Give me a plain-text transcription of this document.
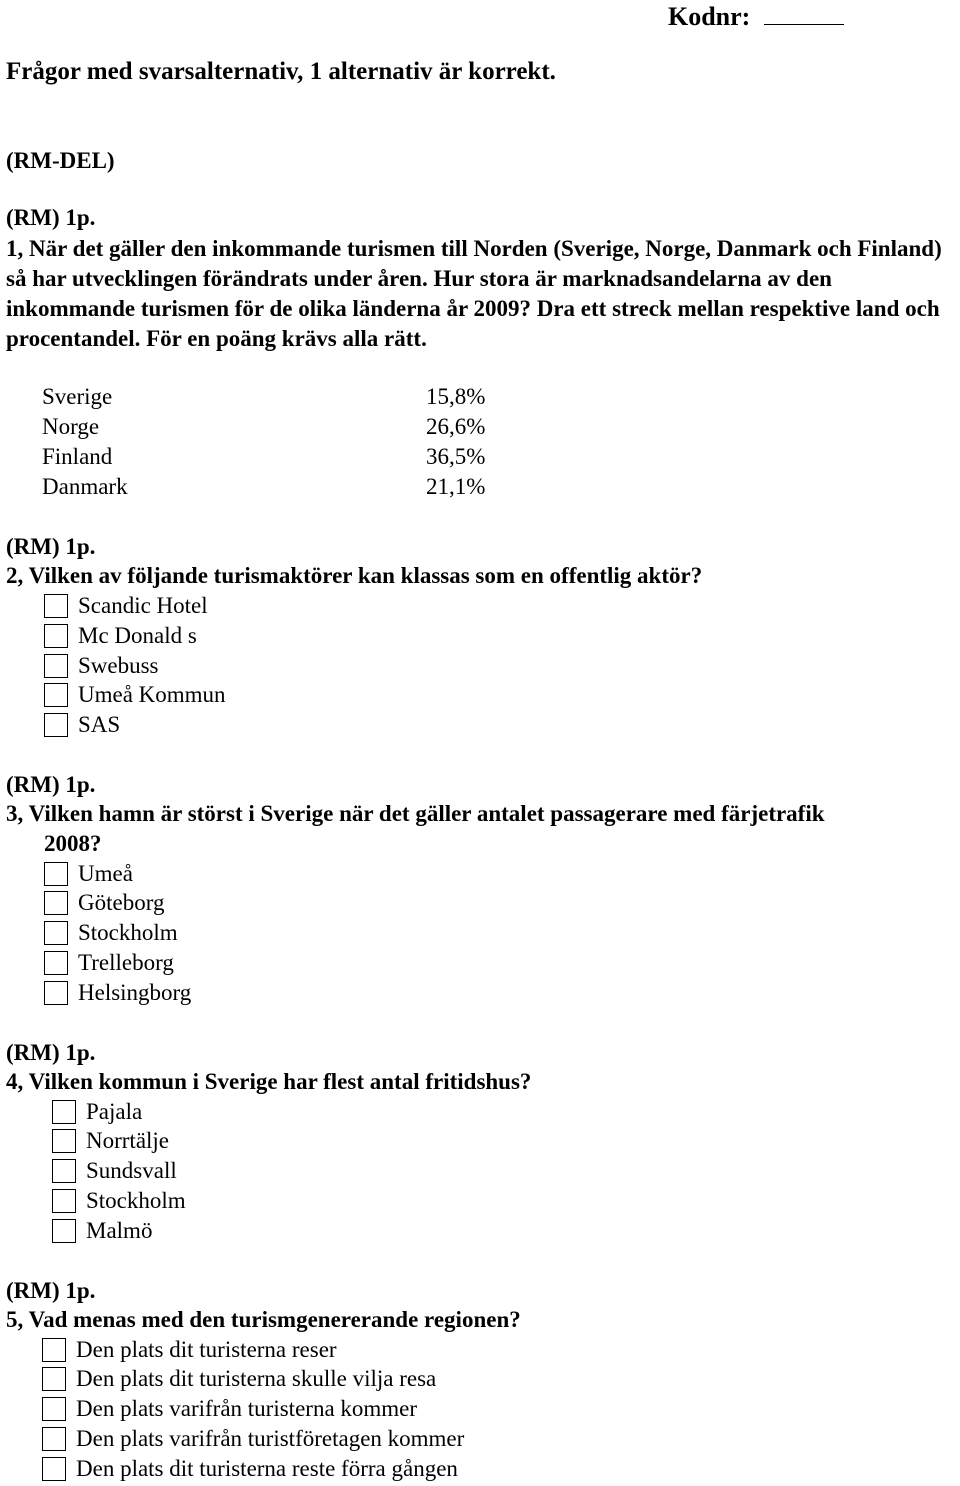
Kodnr:
Frågor med svarsalternativ, 1 alternativ är korrekt.
(RM-DEL)
(RM) 1p.
1, När det gäller den inkommande turismen till Norden (Sverige, Norge, Danmark och Finland) så har utvecklingen förändrats under åren. Hur stora är marknadsandelarna av den inkommande turismen för de olika länderna år 2009? Dra ett streck mellan respektive land och procentandel. För en poäng krävs alla rätt.
Sverige	15,8%
Norge	26,6%
Finland	36,5%
Danmark	21,1%
(RM) 1p.
2, Vilken av följande turismaktörer kan klassas som en offentlig aktör?
Scandic Hotel
Mc Donald s
Swebuss
Umeå Kommun
SAS
(RM) 1p.
3, Vilken hamn är störst i Sverige när det gäller antalet passagerare med färjetrafik
2008?
Umeå
Göteborg
Stockholm
Trelleborg
Helsingborg
(RM) 1p.
4, Vilken kommun i Sverige har flest antal fritidshus?
Pajala
Norrtälje
Sundsvall
Stockholm
Malmö
(RM) 1p.
5, Vad menas med den turismgenererande regionen?
Den plats dit turisterna reser
Den plats dit turisterna skulle vilja resa
Den plats varifrån turisterna kommer
Den plats varifrån turistföretagen kommer
Den plats dit turisterna reste förra gången
